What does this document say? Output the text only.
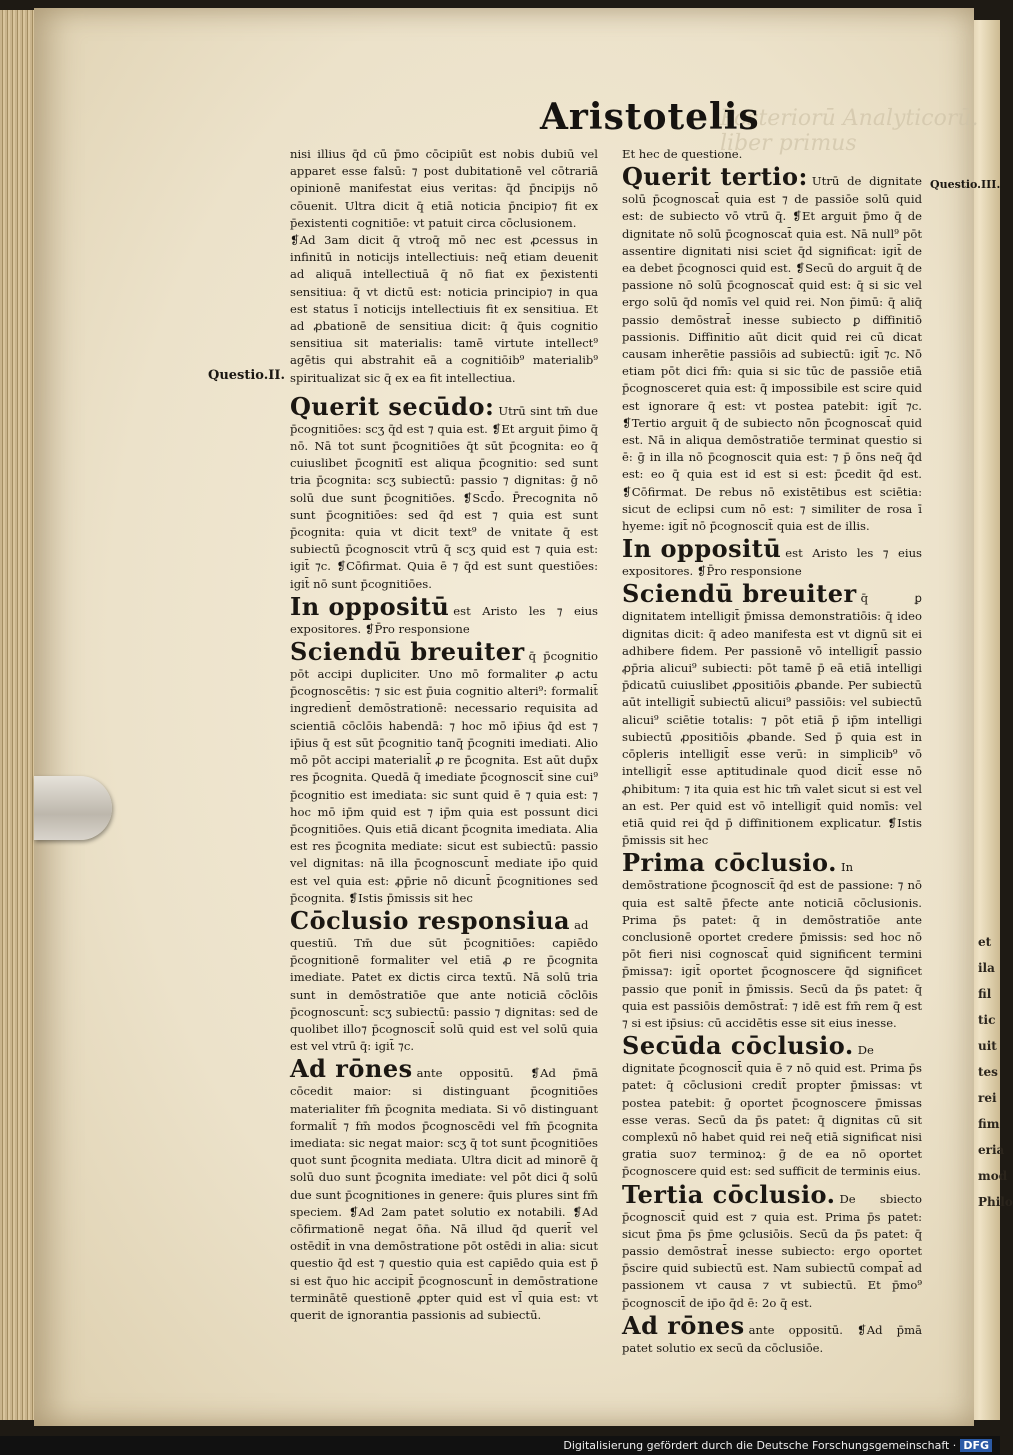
Posteriorū Analyticorū. liber primus
Aristotelis
Questio.II.
Questio.III.

nisi illius q̄d cū p̄mo cōcipiūt est nobis dubiū vel apparet esse falsū: ⁊ post dubitationē vel cōtrariā opinionē manifestat eius veritas: q̄d p̄ncipijs nō cōuenit. Ultra dicit q̄ etiā noticia p̄ncipio⁊ fit ex p̄existenti cognitiōe: vt patuit circa cōclusionem.

❡Ad 3am dicit q̄ vtroq̄ mō nec est ꝓcessus in infinitū in noticijs intellectiuis: neq̄ etiam deuenit ad aliquā intellectiuā q̄ nō fiat ex p̄existenti sensitiua: q̄ vt dictū est: noticia principio⁊ in qua est status ī noticijs intellectiuis fit ex sensitiua. Et ad ꝓbationē de sensitiua dicit: q̄ q̄uis cognitio sensitiua sit materialis: tamē virtute intellect⁹ agētis qui abstrahit eā a cognitiōib⁹ materialib⁹ spiritualizat sic q̄ ex ea fit intellectiua.

Querit secūdo: Utrū sint tm̄ due p̄cognitiōes: scʒ q̄d est ⁊ quia est. ❡Et arguit p̄imo q̄ nō. Nā tot sunt p̄cognitiōes q̄t sūt p̄cognita: eo q̄ cuiuslibet p̄cognitī est aliqua p̄cognitio: sed sunt tria p̄cognita: scʒ subiectū: passio ⁊ dignitas: ḡ nō solū due sunt p̄cognitiōes. ❡Scd̄o. P̄recognita nō sunt p̄cognitiōes: sed q̄d est ⁊ quia est sunt p̄cognita: quia vt dicit text⁹ de vnitate q̄ est subiectū p̄cognoscit vtrū q̄ scʒ quid est ⁊ quia est: igit̄ ⁊c. ❡Cōfirmat. Quia ē ⁊ q̄d est sunt questiōes: igit̄ nō sunt p̄cognitiōes.

In oppositū est Aristo les ⁊ eius expositores. ❡P̄ro responsione

Sciendū breuiter q̄ p̄cognitio pōt accipi dupliciter. Uno mō formaliter ꝓ actu p̄cognoscētis: ⁊ sic est p̄uia cognitio alteri⁹: formalit̄ ingredient̄ demōstrationē: necessario requisita ad scientiā cōclōis habendā: ⁊ hoc mō ip̄ius q̄d est ⁊ ip̄ius q̄ est sūt p̄cognitio tanq̄ p̄cogniti imediati. Alio mō pōt accipi materialit̄ ꝓ re p̄cognita. Est aūt dup̄x res p̄cognita. Quedā q̄ imediate p̄cognoscit̄ sine cui⁹ p̄cognitio est imediata: sic sunt quid ē ⁊ quia est: ⁊ hoc mō ip̄m quid est ⁊ ip̄m quia est possunt dici p̄cognitiōes. Quis etiā dicant p̄cognita imediata. Alia est res p̄cognita mediate: sicut est subiectū: passio vel dignitas: nā illa p̄cognoscunt̄ mediate ip̄o quid est vel quia est: ꝓp̄rie nō dicunt̄ p̄cognitiones sed p̄cognita. ❡Istis p̄missis sit hec

Cōclusio responsiua ad questiū. Tm̄ due sūt p̄cognitiōes: capiēdo p̄cognitionē formaliter vel etiā ꝓ re p̄cognita imediate. Patet ex dictis circa textū. Nā solū tria sunt in demōstratiōe que ante noticiā cōclōis p̄cognoscunt̄: scʒ subiectū: passio ⁊ dignitas: sed de quolibet illo⁊ p̄cognoscit̄ solū quid est vel solū quia est vel vtrū q̄: igit̄ ⁊c.

Ad rōnes ante oppositū. ❡Ad p̄mā cōcedit maior: si distinguant p̄cognitiōes materialiter fm̄ p̄cognita mediata. Si vō distinguant formalit̄ ⁊ fm̄ modos p̄cognoscēdi vel fm̄ p̄cognita imediata: sic negat maior: scʒ q̄ tot sunt p̄cognitiōes quot sunt p̄cognita mediata. Ultra dicit ad minorē q̄ solū duo sunt p̄cognita imediate: vel pōt dici q̄ solū due sunt p̄cognitiones in genere: q̄uis plures sint fm̄ speciem. ❡Ad 2am patet solutio ex notabili. ❡Ad cōfirmationē negat ōn̄a. Nā illud q̄d querit̄ vel ostēdit̄ in vna demōstratione pōt ostēdi in alia: sicut questio q̄d est ⁊ questio quia est capiēdo quia est p̄ si est q̄uo hic accipit̄ p̄cognoscunt̄ in demōstratione terminātē questionē ꝓpter quid est vl̄ quia est: vt querit de ignorantia passionis ad subiectū.

Et hec de questione.

Querit tertio: Utrū de dignitate solū p̄cognoscat̄ quia est ⁊ de passiōe solū quid est: de subiecto vō vtrū q̄. ❡Et arguit p̄mo q̄ de dignitate nō solū p̄cognoscat̄ quia est. Nā null⁹ pōt assentire dignitati nisi sciet q̄d significat: igit̄ de ea debet p̄cognosci quid est. ❡Secū do arguit q̄ de passione nō solū p̄cognoscat̄ quid est: q̄ si sic vel ergo solū q̄d nomīs vel quid rei. Non p̄imū: q̄ aliq̄ passio demōstrat̄ inesse subiecto ꝑ diffinitiō passionis. Diffinitio aūt dicit quid rei cū dicat causam inherētie passiōis ad subiectū: igit̄ ⁊c. Nō etiam pōt dici fm̄: quia si sic tūc de passiōe etiā p̄cognosceret quia est: q̄ impossibile est scire quid est ignorare q̄ est: vt postea patebit: igit̄ ⁊c. ❡Tertio arguit q̄ de subiecto nōn p̄cognoscat̄ quid est. Nā in aliqua demōstratiōe terminat questio si ē: ḡ in illa nō p̄cognoscit quia est: ⁊ p̄ ōns neq̄ q̄d est: eo q̄ quia est id est si est: p̄cedit q̄d est. ❡Cōfirmat. De rebus nō existētibus est sciētia: sicut de eclipsi cum nō est: ⁊ similiter de rosa ī hyeme: igit̄ nō p̄cognoscit̄ quia est de illis.

In oppositū est Aristo les ⁊ eius expositores. ❡P̄ro responsione

Sciendū breuiter q̄ ꝑ dignitatem intelligit̄ p̄missa demonstratiōis: q̄ ideo dignitas dicit: q̄ adeo manifesta est vt dignū sit ei adhibere fidem. Per passionē vō intelligit̄ passio ꝓp̄ria alicui⁹ subiecti: pōt tamē p̄ eā etiā intelligi p̄dicatū cuiuslibet ꝓpositiōis ꝓbande. Per subiectū aūt intelligit̄ subiectū alicui⁹ passiōis: vel subiectū alicui⁹ sciētie totalis: ⁊ pōt etiā p̄ ip̄m intelligi subiectū ꝓpositiōis ꝓbande. Sed p̄ quia est in cōpleris intelligit̄ esse verū: in simplicib⁹ vō intelligit̄ esse aptitudinale quod dicit̄ esse nō ꝓhibitum: ⁊ ita quia est hic tm̄ valet sicut si est vel an est. Per quid est vō intelligit̄ quid nomīs: vel etiā quid rei q̄d p̄ diffinitionem explicatur. ❡Istis p̄missis sit hec

Prima cōclusio. In demōstratione p̄cognoscit̄ q̄d est de passione: ⁊ nō quia est saltē p̄fecte ante noticiā cōclusionis. Prima p̄s patet: q̄ in demōstratiōe ante conclusionē oportet credere p̄missis: sed hoc nō pōt fieri nisi cognoscat̄ quid significent termini p̄missa⁊: igit̄ oportet p̄cognoscere q̄d significet passio que ponit̄ in p̄missis. Secū da p̄s patet: q̄ quia est passiōis demōstrat̄: ⁊ idē est fm̄ rem q̄ est ⁊ si est ip̄sius: cū accidētis esse sit eius inesse.

Secūda cōclusio. De dignitate p̄cognoscit̄ quia ē ⁊ nō quid est. Prima p̄s patet: q̄ cōclusioni credit̄ propter p̄missas: vt postea patebit: ḡ oportet p̄cognoscere p̄missas esse veras. Secū da p̄s patet: q̄ dignitas cū sit complexū nō habet quid rei neq̄ etiā significat nisi gratia suo⁊ terminoꝝ: ḡ de ea nō oportet p̄cognoscere quid est: sed sufficit de terminis eius.

Tertia cōclusio. De sbiecto p̄cognoscit̄ quid est ⁊ quia est. Prima p̄s patet: sicut p̄ma p̄s p̄me ꝯclusiōis. Secū da p̄s patet: q̄ passio demōstrat̄ inesse subiecto: ergo oportet p̄scire quid subiectū est. Nam subiectū compat̄ ad passionem vt causa ⁊ vt subiectū. Et p̄mo⁹ p̄cognoscit̄ de ip̄o q̄d ē: 2o q̄ est.

Ad rōnes ante oppositū. ❡Ad p̄mā patet solutio ex secū da cōclusiōe.

et
ila
fil
tic
uit
tes
rei
fim
eria
mod
Philo
Digitalisierung gefördert durch die Deutsche Forschungsgemeinschaft · DFG
